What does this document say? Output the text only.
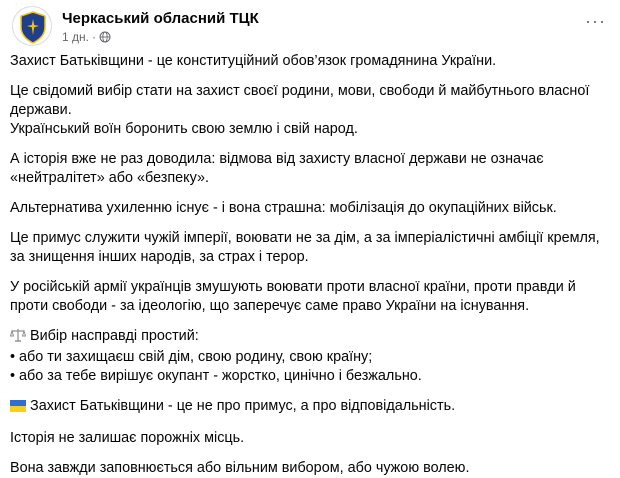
Черкаський обласний ТЦК
1 дн. ·
···

Захист Батьківщини - це конституційний обов’язок громадянина України.

Це свідомий вибір стати на захист своєї родини, мови, свободи й майбутнього власної держави.
Український воїн боронить свою землю і свій народ.

А історія вже не раз доводила: відмова від захисту власної держави не означає «нейтралітет» або «безпеку».

Альтернатива ухиленню існує - і вона страшна: мобілізація до окупаційних військ.

Це примус служити чужій імперії, воювати не за дім, а за імперіалістичні амбіції кремля, за знищення інших народів, за страх і терор.

У російській армії українців змушують воювати проти власної країни, проти правди й проти свободи - за ідеологію, що заперечує саме право України на існування.

Вибір насправді простий:
• або ти захищаєш свій дім, свою родину, свою країну;
• або за тебе вирішує окупант - жорстко, цинічно і безжально.

Захист Батьківщини - це не про примус, а про відповідальність.

Історія не залишає порожніх місць.

Вона завжди заповнюється або вільним вибором, або чужою волею.
